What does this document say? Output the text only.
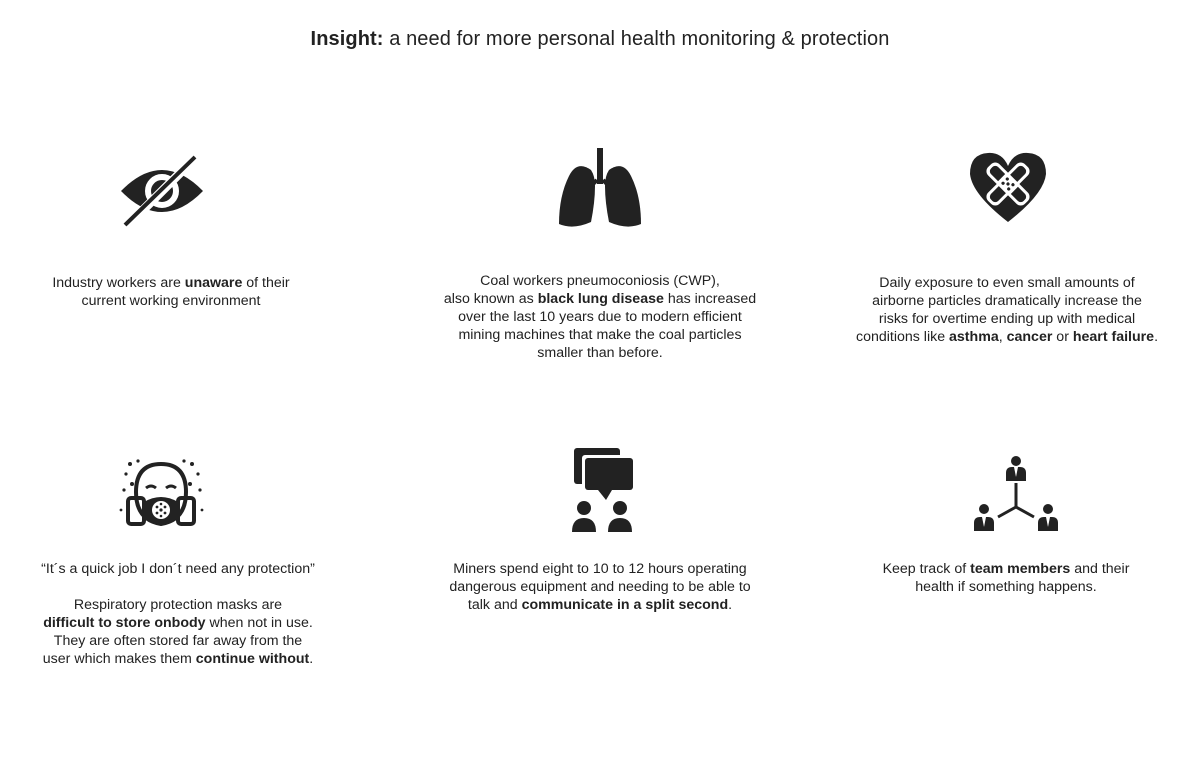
Insight: a need for more personal health monitoring & protection

Industry workers are unaware of their

current working environment

Coal workers pneumoconiosis (CWP),

also known as black lung disease has increased

over the last 10 years due to modern efficient

mining machines that make the coal particles

smaller than before.

Daily exposure to even small amounts of

airborne particles dramatically increase the

risks for overtime ending up with medical

conditions like asthma, cancer or heart failure.

“It´s a quick job I don´t need any protection”

Respiratory protection masks are

difficult to store onbody when not in use.

They are often stored far away from the

user which makes them continue without.

Miners spend eight to 10 to 12 hours operating

dangerous equipment and needing to be able to

talk and communicate in a split second.

Keep track of team members and their

health if something happens.
